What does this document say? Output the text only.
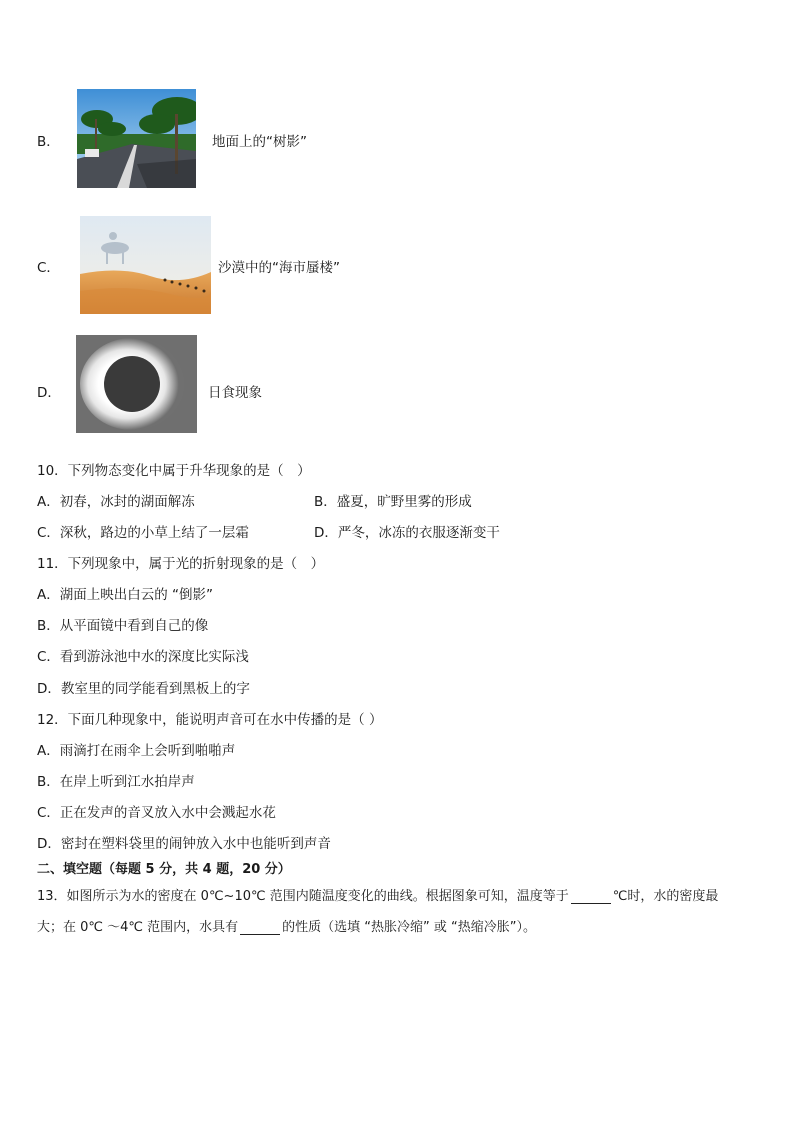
B．	地面上的“树影”
C．	沙漠中的“海市蜃楼”
D．	日食现象
10．下列物态变化中属于升华现象的是（　）
A．初春，冰封的湖面解冻	B．盛夏，旷野里雾的形成
C．深秋，路边的小草上结了一层霜	D．严冬，冰冻的衣服逐渐变干
11．下列现象中，属于光的折射现象的是（　）
A．湖面上映出白云的 “倒影”
B．从平面镜中看到自己的像
C．看到游泳池中水的深度比实际浅
D．教室里的同学能看到黑板上的字
12．下面几种现象中，能说明声音可在水中传播的是（ ）
A．雨滴打在雨伞上会听到啪啪声
B．在岸上听到江水拍岸声
C．正在发声的音叉放入水中会溅起水花
D．密封在塑料袋里的闹钟放入水中也能听到声音
二、填空题（每题 5 分，共 4 题，20 分）
13．如图所示为水的密度在 0℃~10℃ 范围内随温度变化的曲线。根据图象可知，温度等于	℃时，水的密度最
大；在 0℃ ～4℃ 范围内，水具有	的性质（选填 “热胀冷缩” 或 “热缩冷胀”）。
